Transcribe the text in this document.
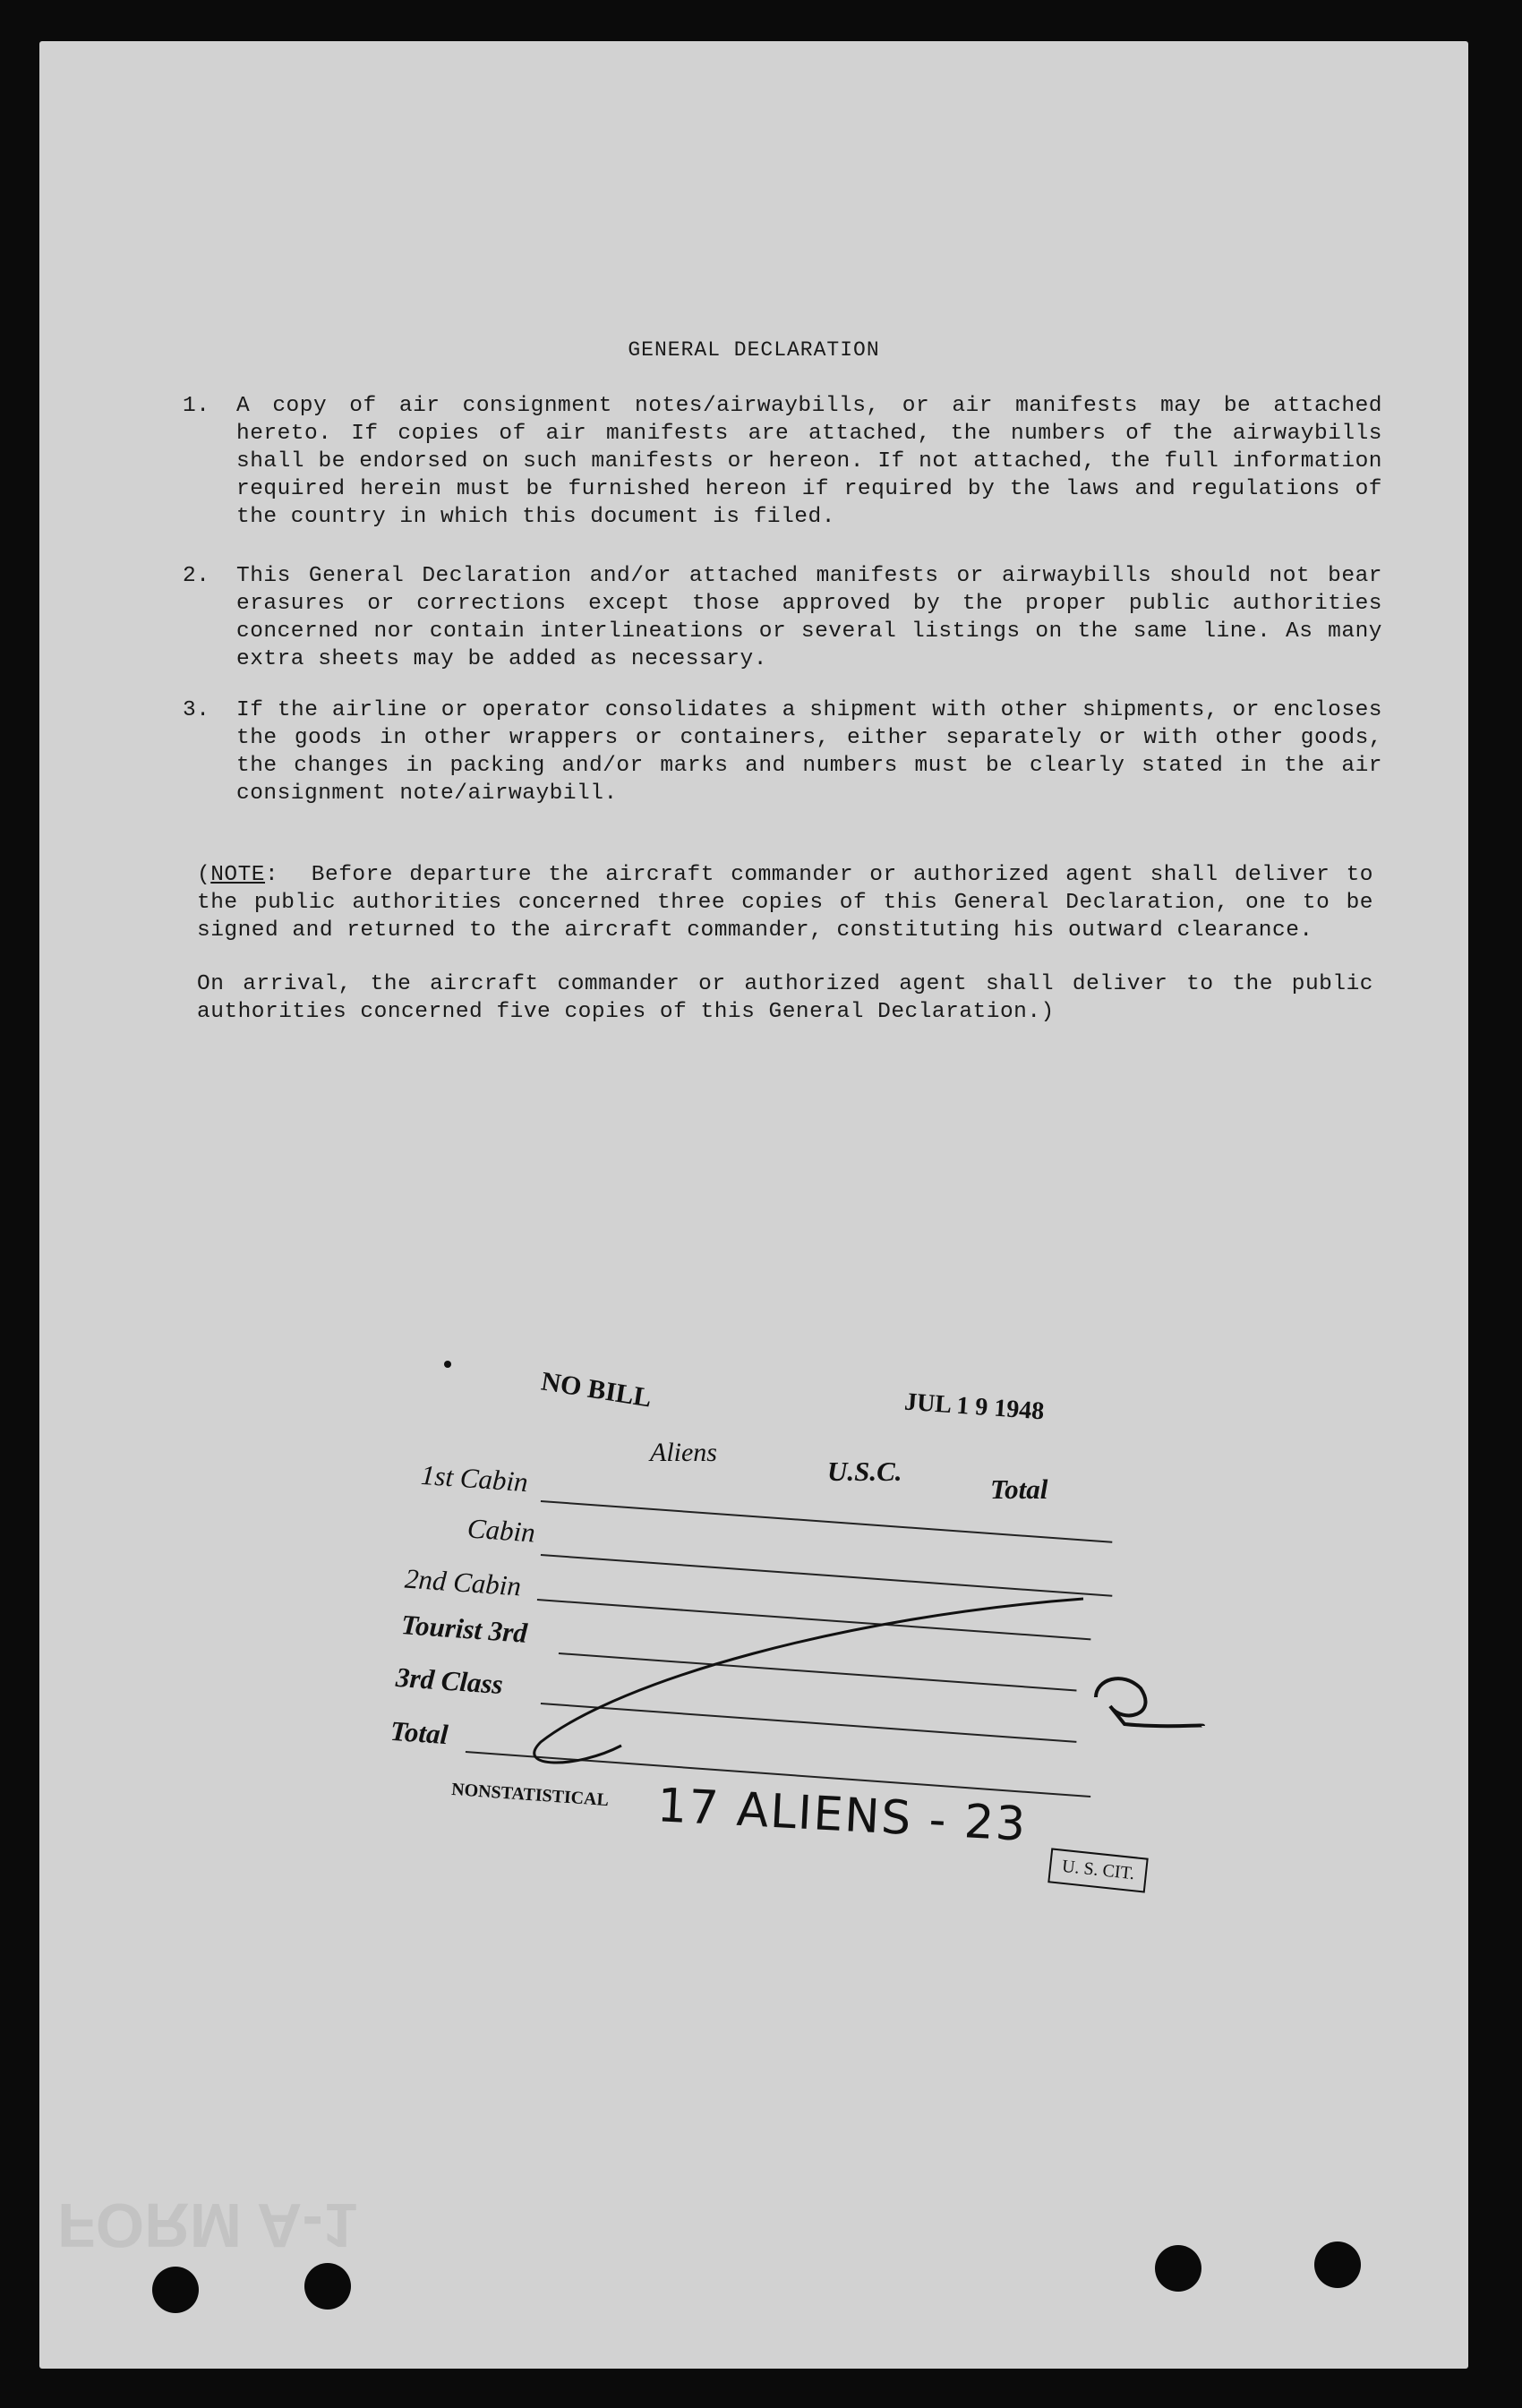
FORM A-1
GENERAL DECLARATION
1. A copy of air consignment notes/airwaybills, or air manifests may be attached hereto. If copies of air manifests are attached, the numbers of the airwaybills shall be endorsed on such manifests or hereon. If not attached, the full information required herein must be furnished hereon if required by the laws and regulations of the country in which this document is filed.
2. This General Declaration and/or attached manifests or airwaybills should not bear erasures or corrections except those approved by the proper public authorities concerned nor contain interlineations or several listings on the same line. As many extra sheets may be added as necessary.
3. If the airline or operator consolidates a shipment with other shipments, or encloses the goods in other wrappers or containers, either separately or with other goods, the changes in packing and/or marks and numbers must be clearly stated in the air consignment note/airwaybill.
(NOTE: Before departure the aircraft commander or authorized agent shall deliver to the public authorities concerned three copies of this General Declaration, one to be signed and returned to the aircraft commander, constituting his outward clearance.
On arrival, the aircraft commander or authorized agent shall deliver to the public authorities concerned five copies of this General Declaration.)
NO BILL	JUL 1 9 1948
Aliens
U.S.C.
Total
1st Cabin
Cabin
2nd Cabin
Tourist 3rd
3rd Class
Total
NONSTATISTICAL 17 ALIENS - 23
U. S. CIT.
